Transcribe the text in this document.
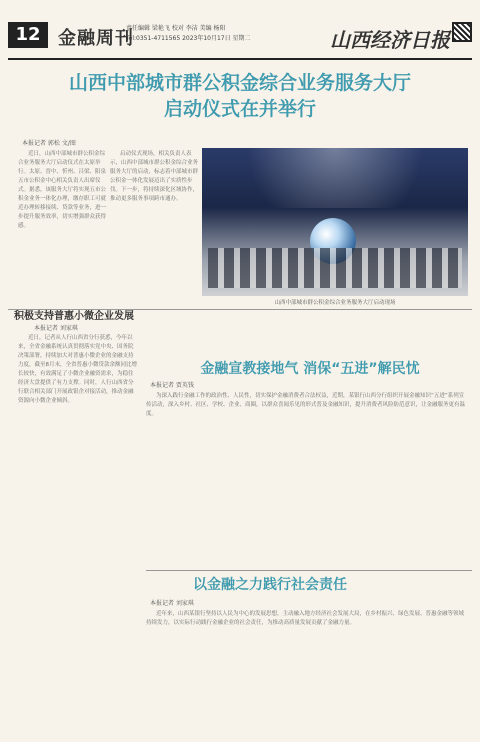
12 金融周刊
责任编辑 梁艳飞 校对 李洁 美编 杨阳
Tel:0351-4711565 2023年10月17日 星期二	山西经济日报
山西中部城市群公积金综合业务服务大厅
启动仪式在并举行
本报记者 郭松 文/图

近日，山西中部城市群公积金综合业务服务大厅启动仪式在太原举行。太原、晋中、忻州、吕梁、阳泉五市公积金中心相关负责人出席仪式。据悉，该服务大厅将实现五市公积金业务一体化办理，缴存职工可就近办理转移接续、贷款等业务，进一步提升服务效率，切实增强群众获得感。

启动仪式现场，相关负责人表示，山西中部城市群公积金综合业务服务大厅的启动，标志着中部城市群公积金一体化发展迈出了实质性步伐。下一步，将持续深化区域协作，推动更多服务事项跨市通办。

山西中部城市群公积金综合业务服务大厅启动现场
积极支持普惠小微企业发展
本报记者 刘家琪

近日，记者从人行山西省分行获悉，今年以来，全省金融系统认真贯彻落实党中央、国务院决策部署，持续加大对普惠小微企业的金融支持力度，截至8月末，全省普惠小微贷款余额同比增长较快，有效满足了小微企业融资需求，为稳住经济大盘提供了有力支撑。同时，人行山西省分行联合相关部门开展政银企对接活动，推动金融资源向小微企业倾斜。

金融宣教接地气 消保“五进”解民忧
本报记者 贾英钱

为深入践行金融工作的政治性、人民性，切实保护金融消费者合法权益，近期，某银行山西分行组织开展金融知识“五进”系列宣传活动，深入乡村、社区、学校、企业、商圈，以群众喜闻乐见的形式普及金融知识，提升消费者风险防范意识，让金融服务更有温度。

以金融之力践行社会责任
本报记者 刘家琪

近年来，山西某银行坚持以人民为中心的发展思想，主动融入地方经济社会发展大局，在乡村振兴、绿色发展、普惠金融等领域持续发力，以实际行动践行金融企业的社会责任，为推动高质量发展贡献了金融力量。
